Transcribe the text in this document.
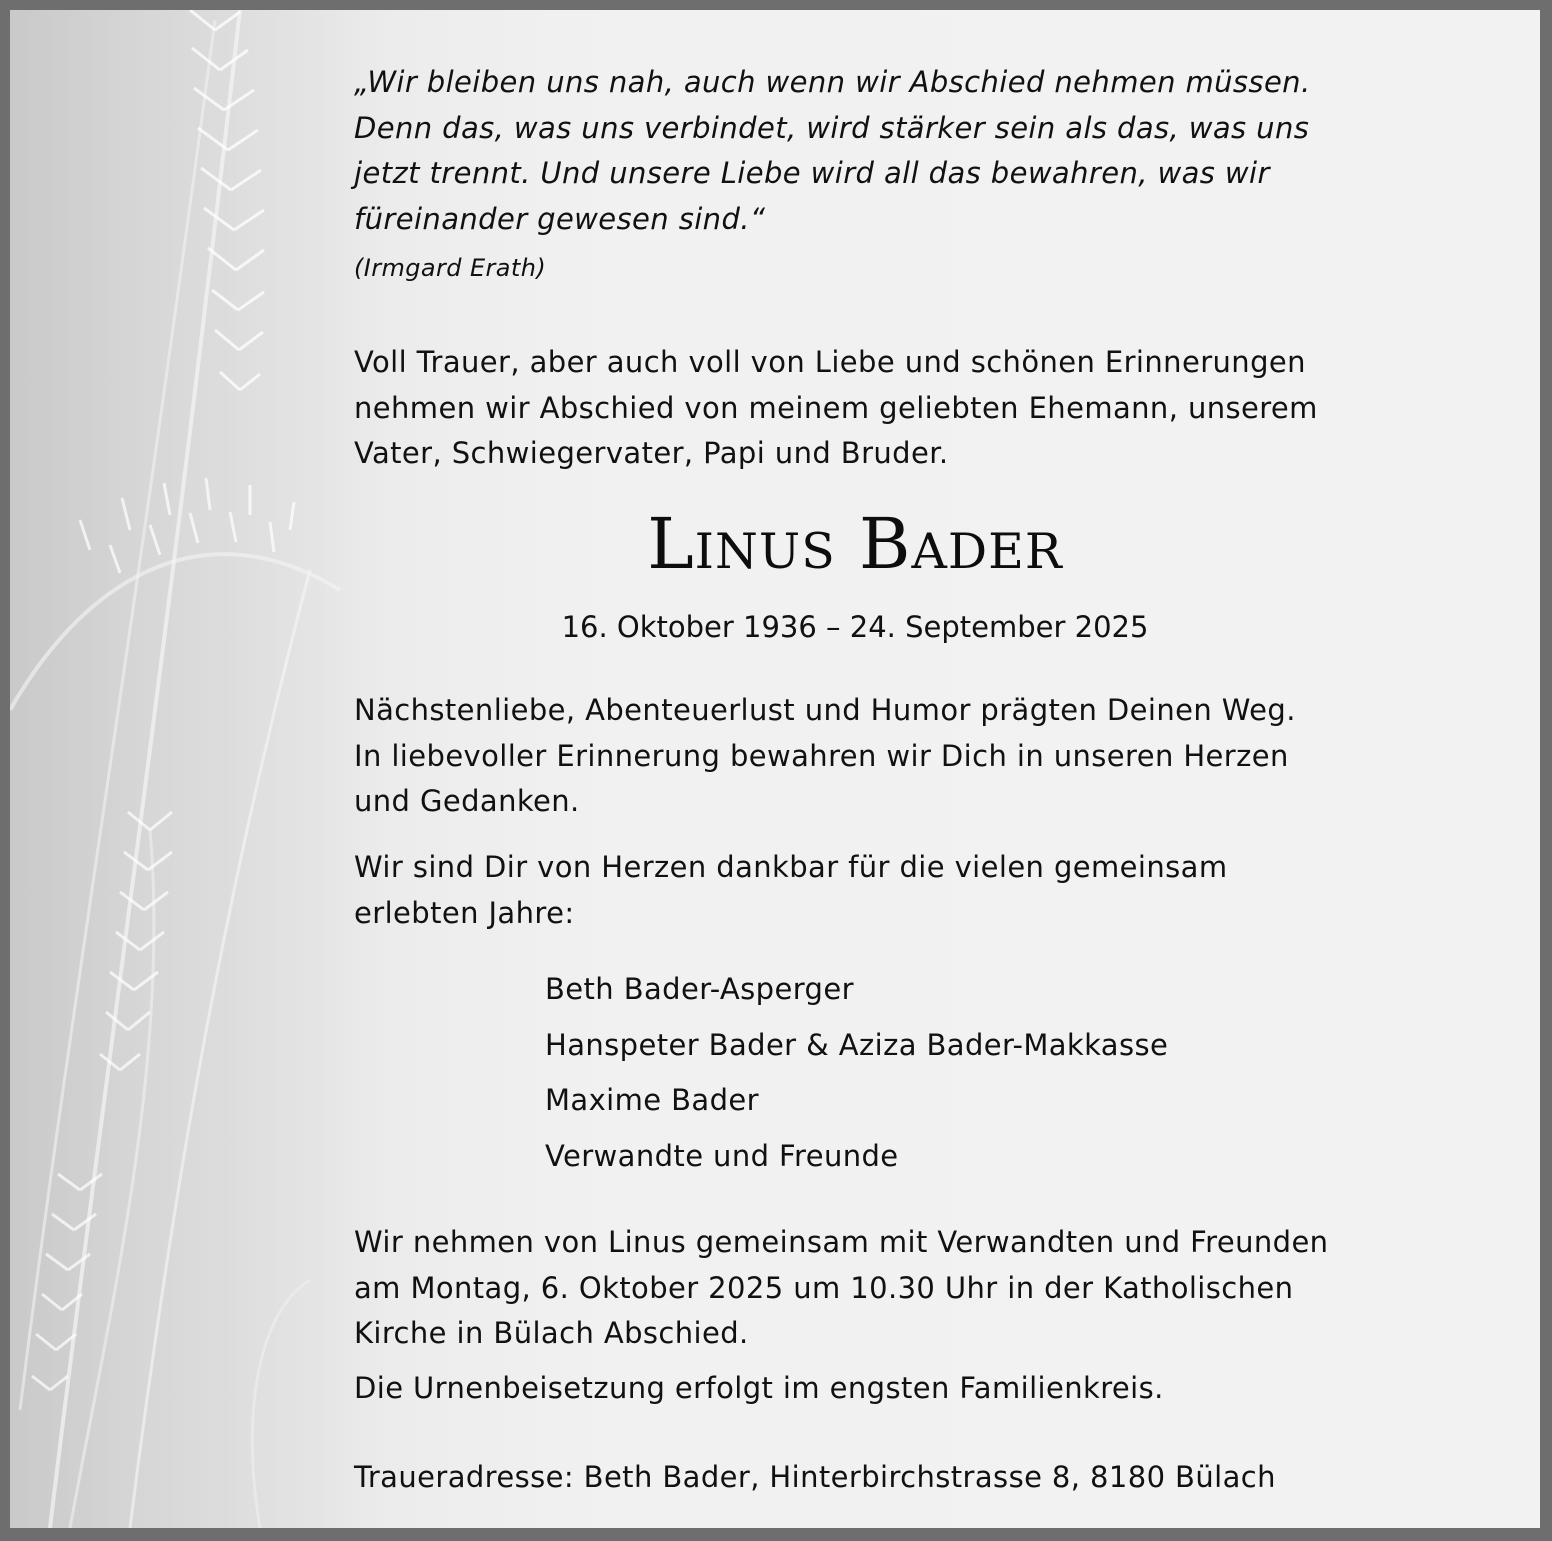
„Wir bleiben uns nah, auch wenn wir Abschied nehmen müssen.
Denn das, was uns verbindet, wird stärker sein als das, was uns
jetzt trennt. Und unsere Liebe wird all das bewahren, was wir
füreinander gewesen sind.“
(Irmgard Erath)
Voll Trauer, aber auch voll von Liebe und schönen Erinnerungen
nehmen wir Abschied von meinem geliebten Ehemann, unserem
Vater, Schwiegervater, Papi und Bruder.
Linus Bader
16. Oktober 1936 – 24. September 2025
Nächstenliebe, Abenteuerlust und Humor prägten Deinen Weg.
In liebevoller Erinnerung bewahren wir Dich in unseren Herzen
und Gedanken.
Wir sind Dir von Herzen dankbar für die vielen gemeinsam
erlebten Jahre:
Beth Bader-Asperger
Hanspeter Bader & Aziza Bader-Makkasse
Maxime Bader
Verwandte und Freunde
Wir nehmen von Linus gemeinsam mit Verwandten und Freunden
am Montag, 6. Oktober 2025 um 10.30 Uhr in der Katholischen
Kirche in Bülach Abschied.
Die Urnenbeisetzung erfolgt im engsten Familienkreis.
Traueradresse: Beth Bader, Hinterbirchstrasse 8, 8180 Bülach
